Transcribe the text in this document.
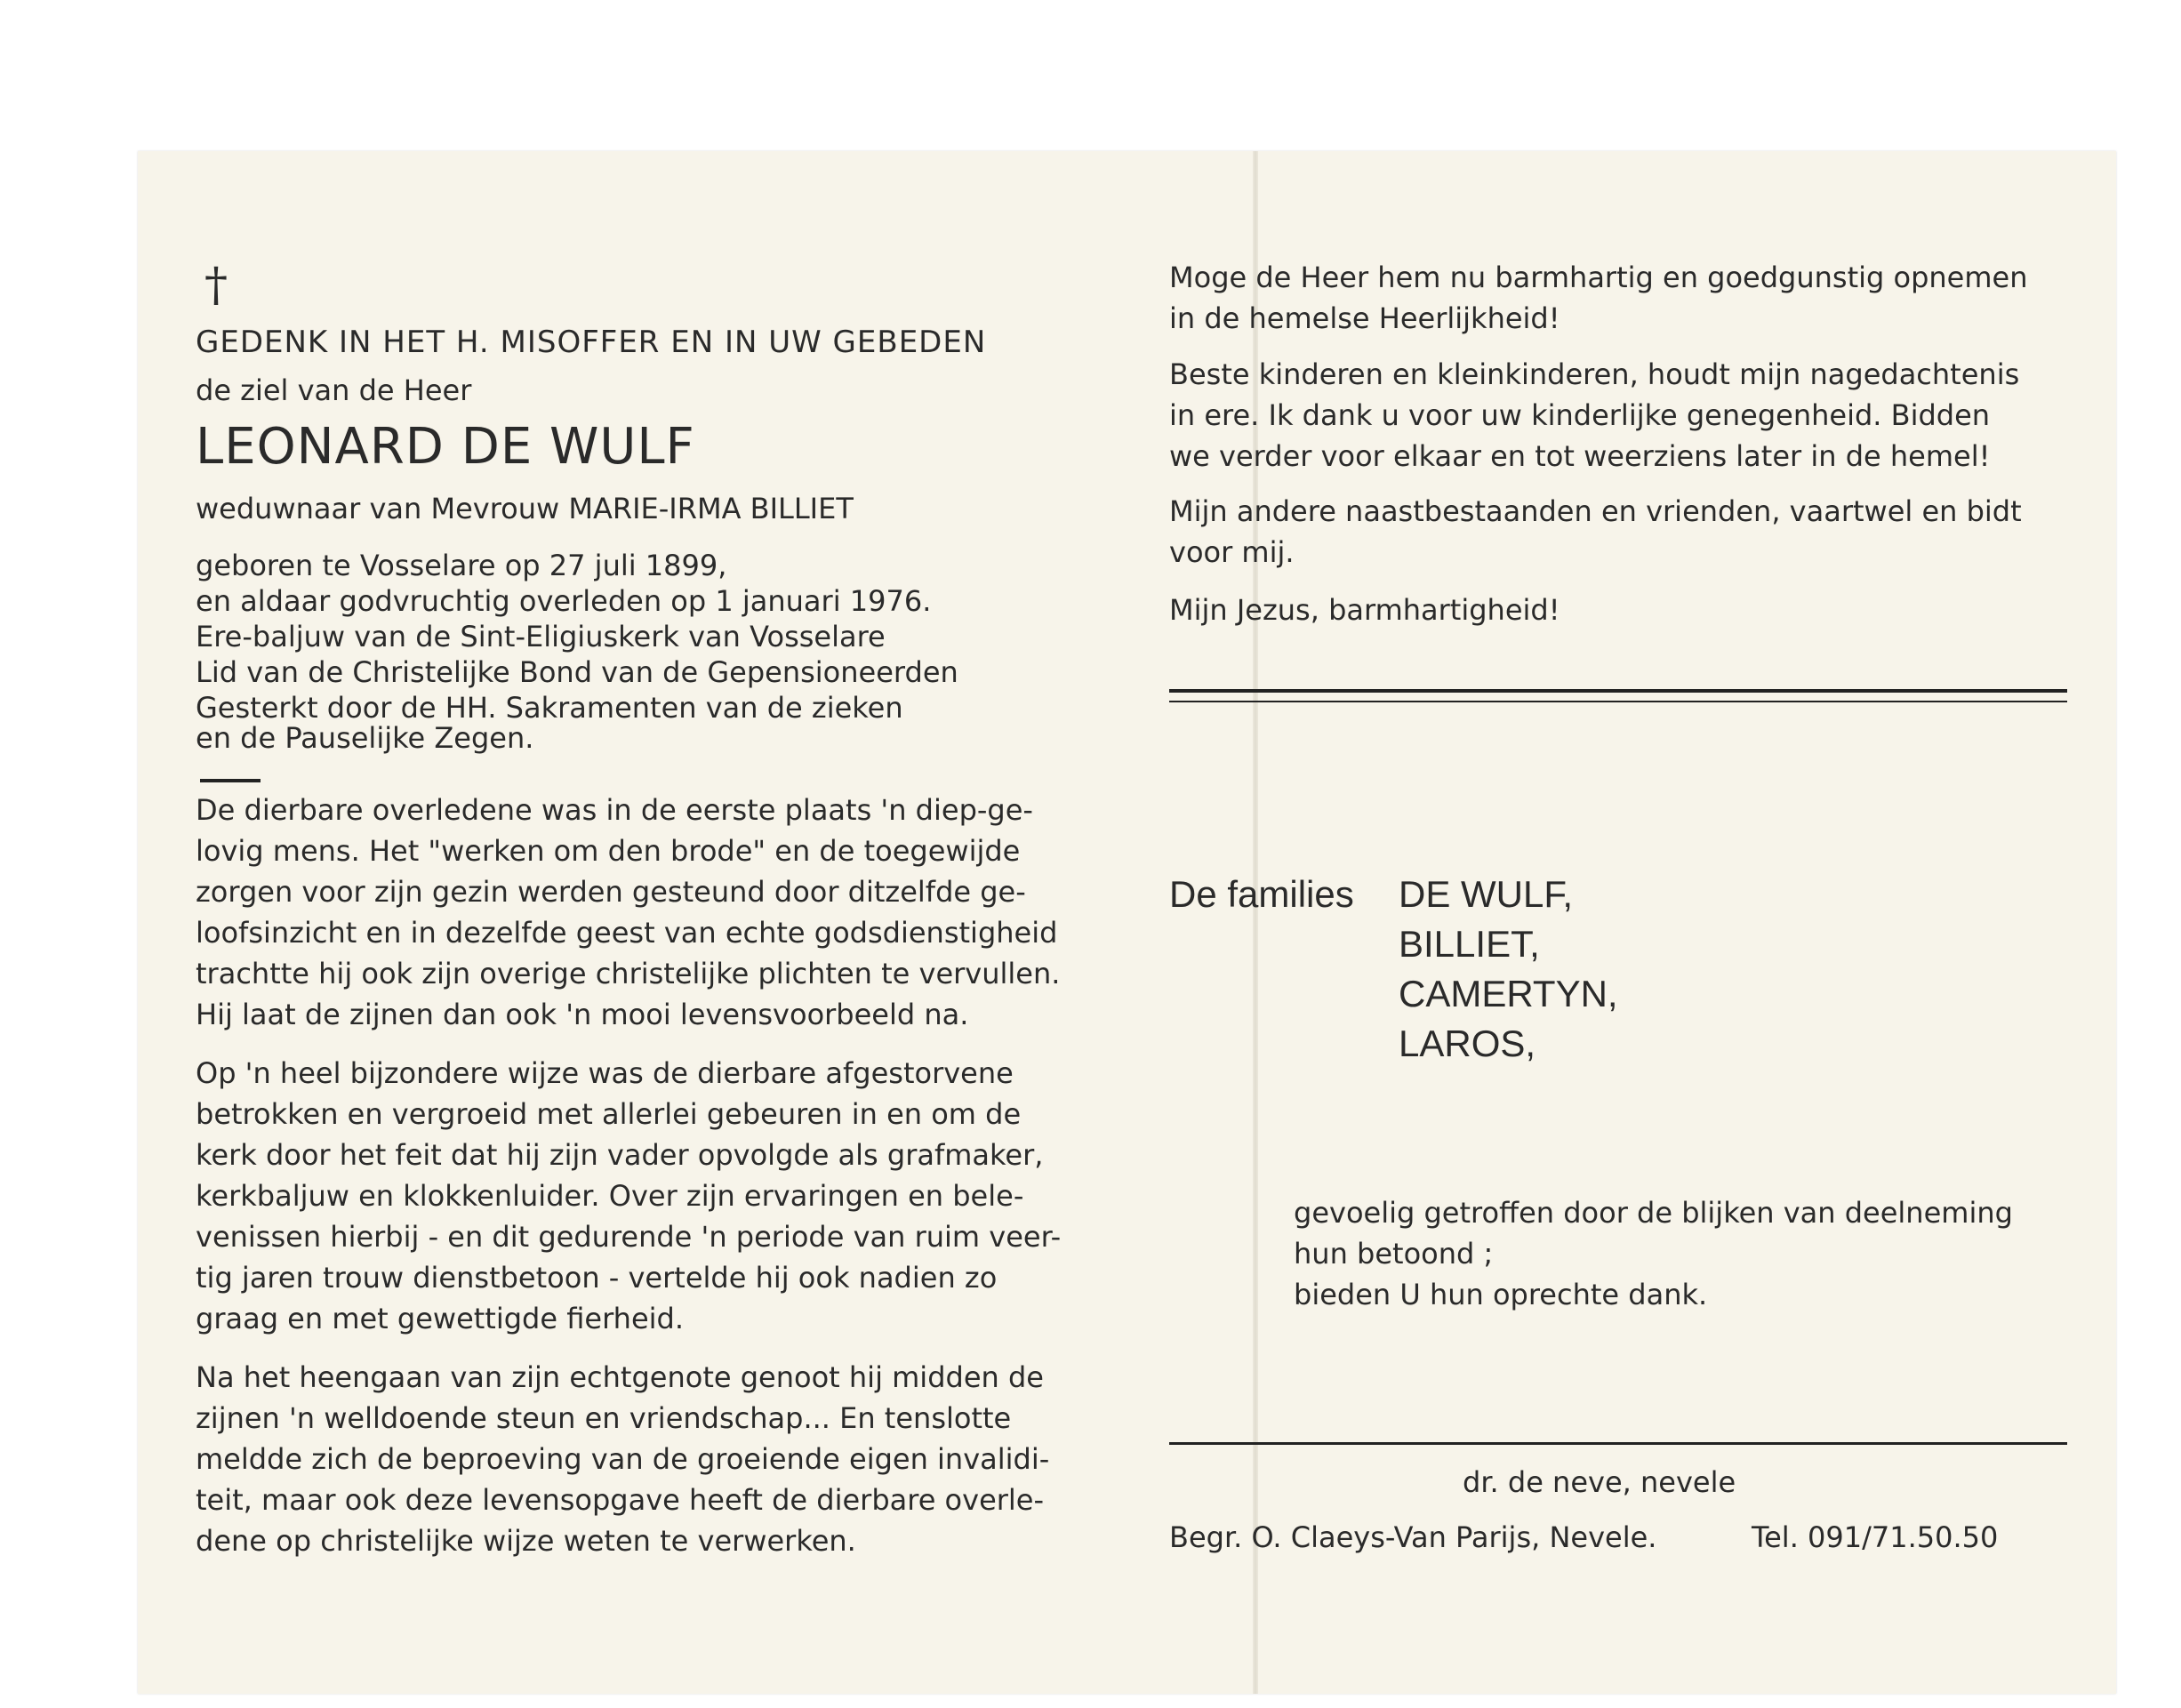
†
GEDENK IN HET H. MISOFFER EN IN UW GEBEDEN
de ziel van de Heer
LEONARD DE WULF
weduwnaar van Mevrouw MARIE-IRMA BILLIET
geboren te Vosselare op 27 juli 1899,
en aldaar godvruchtig overleden op 1 januari 1976.
Ere-baljuw van de Sint-Eligiuskerk van Vosselare
Lid van de Christelijke Bond van de Gepensioneerden
Gesterkt door de HH. Sakramenten van de zieken
en de Pauselijke Zegen.
De dierbare overledene was in de eerste plaats 'n diep-ge-
lovig mens. Het "werken om den brode" en de toegewijde
zorgen voor zijn gezin werden gesteund door ditzelfde ge-
loofsinzicht en in dezelfde geest van echte godsdienstigheid
trachtte hij ook zijn overige christelijke plichten te vervullen.
Hij laat de zijnen dan ook 'n mooi levensvoorbeeld na.
Op 'n heel bijzondere wijze was de dierbare afgestorvene
betrokken en vergroeid met allerlei gebeuren in en om de
kerk door het feit dat hij zijn vader opvolgde als grafmaker,
kerkbaljuw en klokkenluider. Over zijn ervaringen en bele-
venissen hierbij - en dit gedurende 'n periode van ruim veer-
tig jaren trouw dienstbetoon - vertelde hij ook nadien zo
graag en met gewettigde fierheid.
Na het heengaan van zijn echtgenote genoot hij midden de
zijnen 'n welldoende steun en vriendschap... En tenslotte
meldde zich de beproeving van de groeiende eigen invalidi-
teit, maar ook deze levensopgave heeft de dierbare overle-
dene op christelijke wijze weten te verwerken.
Moge de Heer hem nu barmhartig en goedgunstig opnemen
in de hemelse Heerlijkheid!
Beste kinderen en kleinkinderen, houdt mijn nagedachtenis
in ere. Ik dank u voor uw kinderlijke genegenheid. Bidden
we verder voor elkaar en tot weerziens later in de hemel!
Mijn andere naastbestaanden en vrienden, vaartwel en bidt
voor mij.
Mijn Jezus, barmhartigheid!
De families DE WULF,
BILLIET,
CAMERTYN,
LAROS,
gevoelig getroffen door de blijken van deelneming
hun betoond ;
bieden U hun oprechte dank.
dr. de neve, nevele
Begr. O. Claeys-Van Parijs, Nevele.	Tel. 091/71.50.50
